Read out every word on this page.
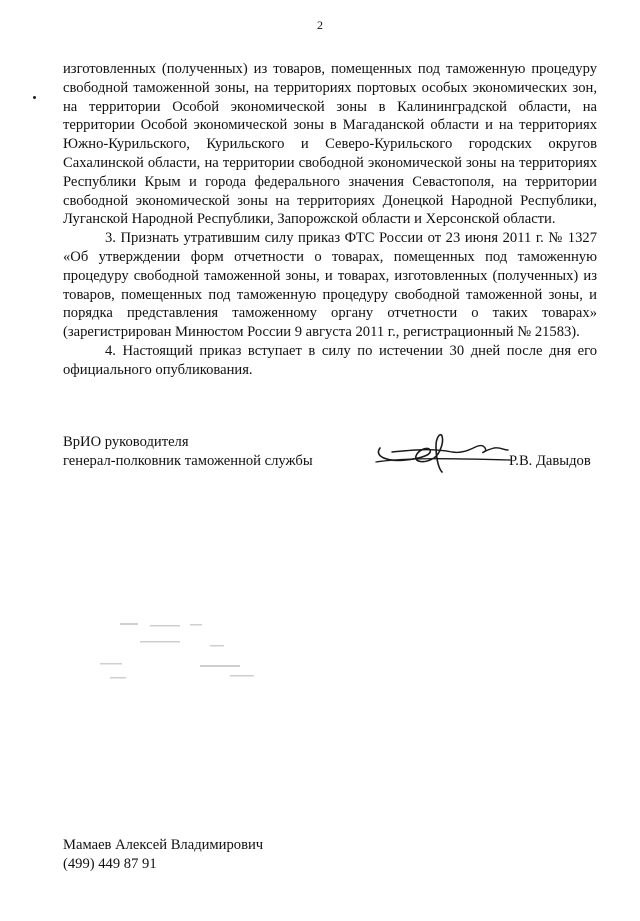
2

изготовленных (полученных) из товаров, помещенных под таможенную процедуру свободной таможенной зоны, на территориях портовых особых экономических зон, на территории Особой экономической зоны в Калининградской области, на территории Особой экономической зоны в Магаданской области и на территориях Южно-Курильского, Курильского и Северо-Курильского городских округов Сахалинской области, на территории свободной экономической зоны на территориях Республики Крым и города федерального значения Севастополя, на территории свободной экономической зоны на территориях Донецкой Народной Республики, Луганской Народной Республики, Запорожской области и Херсонской области.

3. Признать утратившим силу приказ ФТС России от 23 июня 2011 г. № 1327 «Об утверждении форм отчетности о товарах, помещенных под таможенную процедуру свободной таможенной зоны, и товарах, изготовленных (полученных) из товаров, помещенных под таможенную процедуру свободной таможенной зоны, и порядка представления таможенному органу отчетности о таких товарах» (зарегистрирован Минюстом России 9 августа 2011 г., регистрационный № 21583).

4. Настоящий приказ вступает в силу по истечении 30 дней после дня его официального опубликования.

ВрИО руководителя
генерал-полковник таможенной службы	Р.В. Давыдов
Мамаев Алексей Владимирович
(499) 449 87 91
